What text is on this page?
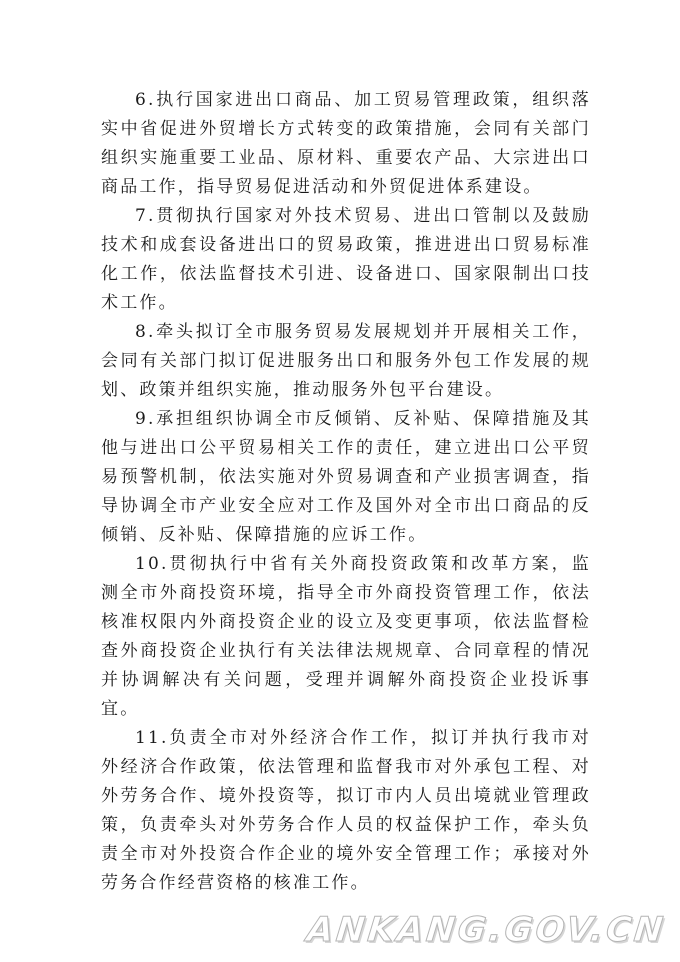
6.执行国家进出口商品、加工贸易管理政策，组织落实中省促进外贸增长方式转变的政策措施，会同有关部门组织实施重要工业品、原材料、重要农产品、大宗进出口商品工作，指导贸易促进活动和外贸促进体系建设。

7.贯彻执行国家对外技术贸易、进出口管制以及鼓励技术和成套设备进出口的贸易政策，推进进出口贸易标准化工作，依法监督技术引进、设备进口、国家限制出口技术工作。

8.牵头拟订全市服务贸易发展规划并开展相关工作，会同有关部门拟订促进服务出口和服务外包工作发展的规划、政策并组织实施，推动服务外包平台建设。

9.承担组织协调全市反倾销、反补贴、保障措施及其他与进出口公平贸易相关工作的责任，建立进出口公平贸易预警机制，依法实施对外贸易调查和产业损害调查，指导协调全市产业安全应对工作及国外对全市出口商品的反倾销、反补贴、保障措施的应诉工作。

10.贯彻执行中省有关外商投资政策和改革方案，监测全市外商投资环境，指导全市外商投资管理工作，依法核准权限内外商投资企业的设立及变更事项，依法监督检查外商投资企业执行有关法律法规规章、合同章程的情况并协调解决有关问题，受理并调解外商投资企业投诉事宜。

11.负责全市对外经济合作工作，拟订并执行我市对外经济合作政策，依法管理和监督我市对外承包工程、对外劳务合作、境外投资等，拟订市内人员出境就业管理政策，负责牵头对外劳务合作人员的权益保护工作，牵头负责全市对外投资合作企业的境外安全管理工作；承接对外劳务合作经营资格的核准工作。

ANKANG.GOV.CN
